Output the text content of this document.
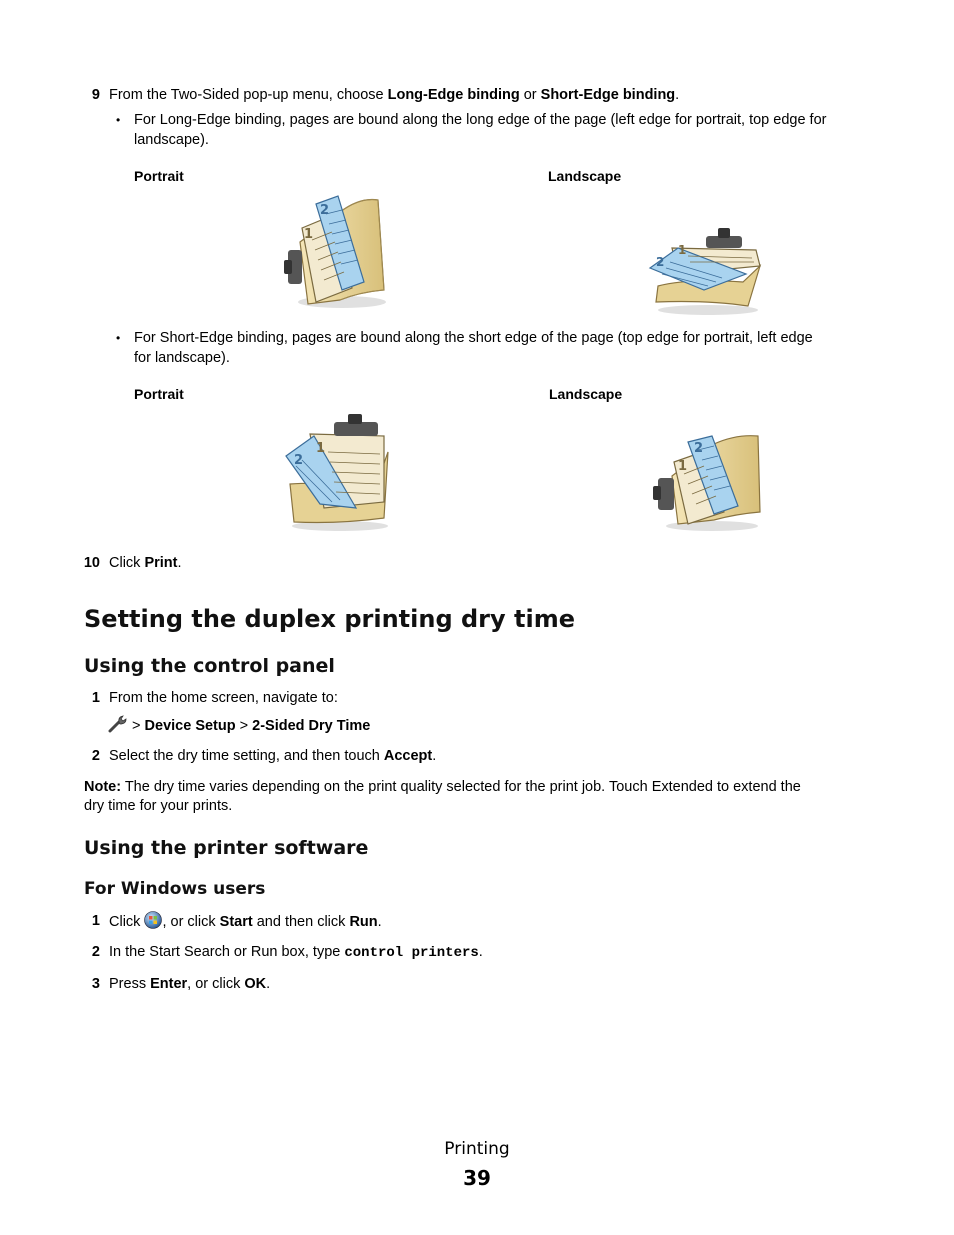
9 From the Two-Sided pop-up menu, choose Long-Edge binding or Short-Edge binding.
• For Long-Edge binding, pages are bound along the long edge of the page (left edge for portrait, top edge for
landscape).
Portrait	Landscape
2
1
2
1
• For Short-Edge binding, pages are bound along the short edge of the page (top edge for portrait, left edge
for landscape).
Portrait	Landscape
2
1	2
1
10 Click Print.
Setting the duplex printing dry time
Using the control panel
1 From the home screen, navigate to:
> Device Setup > 2-Sided Dry Time
2 Select the dry time setting, and then touch Accept.
Note: The dry time varies depending on the print quality selected for the print job. Touch Extended to extend the
dry time for your prints.
Using the printer software
For Windows users
1 Click , or click Start and then click Run.
2 In the Start Search or Run box, type control printers.
3 Press Enter, or click OK.
Printing
39
